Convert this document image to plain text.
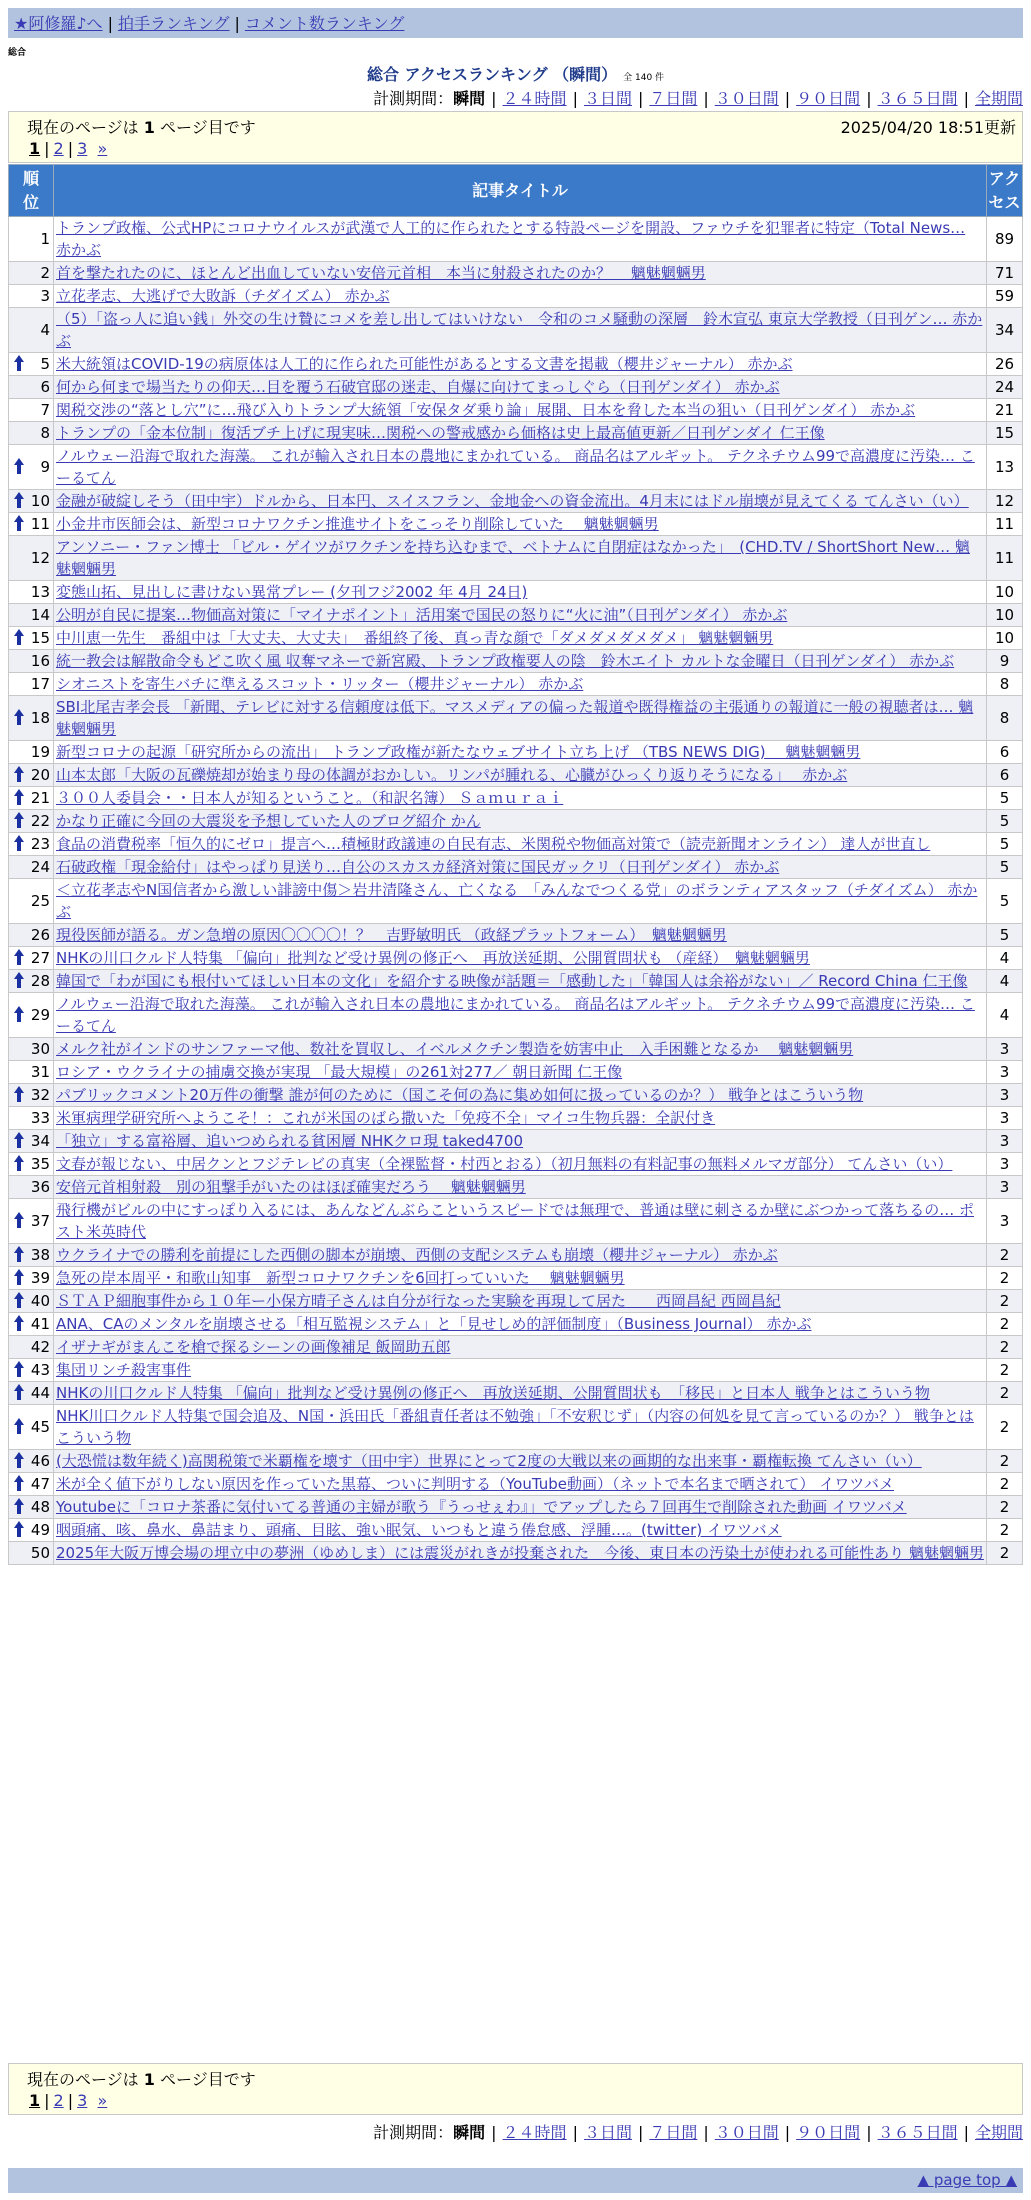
★阿修羅♪へ | 拍手ランキング | コメント数ランキング
総合
総合 アクセスランキング （瞬間） 全 140 件
計測期間：瞬間 | ２４時間 | ３日間 | ７日間 | ３０日間 | ９０日間 | ３６５日間 | 全期間
現在のページは 1 ページ目です	2025/04/20 18:51更新
1 | 2 | 3 »
順位	記事タイトル	アクセス
1	トランプ政権、公式HPにコロナウイルスが武漢で人工的に作られたとする特設ページを開設、ファウチを犯罪者に特定（Total News… 赤かぶ	89
2	首を撃たれたのに、ほとんど出血していない安倍元首相　本当に射殺されたのか？　 魑魅魍魎男	71
3	立花孝志、大逃げで大敗訴（チダイズム） 赤かぶ	59
4	（5）「盗っ人に追い銭」外交の生け贄にコメを差し出してはいけない　令和のコメ騒動の深層　鈴木宣弘 東京大学教授（日刊ゲン… 赤かぶ	34

5	米大統領はCOVID-19の病原体は人工的に作られた可能性があるとする文書を掲載（櫻井ジャーナル） 赤かぶ	26
6	何から何まで場当たりの仰天…目を覆う石破官邸の迷走、自爆に向けてまっしぐら（日刊ゲンダイ） 赤かぶ	24
7	関税交渉の“落とし穴”に…飛び入りトランプ大統領「安保タダ乗り論」展開、日本を脅した本当の狙い（日刊ゲンダイ） 赤かぶ	21
8	トランプの「金本位制」復活ブチ上げに現実味…関税への警戒感から価格は史上最高値更新／日刊ゲンダイ 仁王像	15

9	ノルウェー沿海で取れた海藻。 これが輸入され日本の農地にまかれている。 商品名はアルギット。 テクネチウム99で高濃度に汚染… こーるてん	13

10	金融が破綻しそう（田中宇）ドルから、日本円、スイスフラン、金地金への資金流出。4月末にはドル崩壊が見えてくる てんさい（い）	12

11	小金井市医師会は、新型コロナワクチン推進サイトをこっそり削除していた　 魑魅魍魎男	11
12	アンソニー・ファン博士 「ビル・ゲイツがワクチンを持ち込むまで、ベトナムに自閉症はなかった」　(CHD.TV / ShortShort New… 魑魅魍魎男	11
13	変態山拓、見出しに書けない異常プレー (夕刊フジ2002 年 4月 24日)	10
14	公明が自民に提案…物価高対策に「マイナポイント」活用案で国民の怒りに“火に油”（日刊ゲンダイ） 赤かぶ	10

15	中川恵一先生　番組中は「大丈夫、大丈夫」　番組終了後、真っ青な顔で「ダメダメダメダメ」 魑魅魍魎男	10
16	統一教会は解散命令もどこ吹く風 収奪マネーで新宮殿、トランプ政権要人の陰　鈴木エイト カルトな金曜日（日刊ゲンダイ） 赤かぶ	9
17	シオニストを寄生バチに準えるスコット・リッター（櫻井ジャーナル） 赤かぶ	8

18	SBI北尾吉孝会長 「新聞、テレビに対する信頼度は低下。マスメディアの偏った報道や既得権益の主張通りの報道に一般の視聴者は… 魑魅魍魎男	8
19	新型コロナの起源「研究所からの流出」 トランプ政権が新たなウェブサイト立ち上げ （TBS NEWS DIG)　 魑魅魍魎男	6

20	山本太郎「大阪の瓦礫焼却が始まり母の体調がおかしい。リンパが腫れる、心臓がひっくり返りそうになる」　 赤かぶ	6

21	３００人委員会・・日本人が知るということ。（和訳名簿） Ｓａｍｕｒａｉ	5

22	かなり正確に今回の大震災を予想していた人のブログ紹介 かん	5

23	食品の消費税率「恒久的にゼロ」提言へ…積極財政議連の自民有志、米関税や物価高対策で（読売新聞オンライン） 達人が世直し	5
24	石破政権「現金給付」はやっぱり見送り…自公のスカスカ経済対策に国民ガックリ（日刊ゲンダイ） 赤かぶ	5
25	＜立花孝志やN国信者から激しい誹謗中傷＞岩井清隆さん、亡くなる　「みんなでつくる党」のボランティアスタッフ（チダイズム） 赤かぶ	5
26	現役医師が語る。ガン急増の原因〇〇〇〇！？　吉野敏明氏 （政経プラットフォーム）　魑魅魍魎男	5

27	NHKの川口クルド人特集 「偏向」批判など受け異例の修正へ　再放送延期、公開質問状も （産経）　魑魅魍魎男	4

28	韓国で「わが国にも根付いてほしい日本の文化」を紹介する映像が話題＝「感動した」「韓国人は余裕がない」／ Record China 仁王像	4

29	ノルウェー沿海で取れた海藻。 これが輸入され日本の農地にまかれている。 商品名はアルギット。 テクネチウム99で高濃度に汚染… こーるてん	4
30	メルク社がインドのサンファーマ他、数社を買収し、イベルメクチン製造を妨害中止　入手困難となるか　 魑魅魍魎男	3
31	ロシア・ウクライナの捕虜交換が実現 「最大規模」の261対277／ 朝日新聞 仁王像	3

32	パブリックコメント20万件の衝撃 誰が何のために（国こそ何の為に集め如何に扱っているのか？） 戦争とはこういう物	3
33	米軍病理学研究所へようこそ！：これが米国のばら撒いた「免疫不全」マイコ生物兵器：全訳付き	3

34	「独立」する富裕層、追いつめられる貧困層 NHKクロ現 taked4700	3

35	文春が報じない、中居クンとフジテレビの真実（全裸監督・村西とおる）（初月無料の有料記事の無料メルマガ部分） てんさい（い）	3
36	安倍元首相射殺　別の狙撃手がいたのはほぼ確実だろう　 魑魅魍魎男	3

37	飛行機がビルの中にすっぽり入るには、あんなどんぶらこというスピードでは無理で、普通は壁に刺さるか壁にぶつかって落ちるの… ポスト米英時代	3

38	ウクライナでの勝利を前提にした西側の脚本が崩壊、西側の支配システムも崩壊（櫻井ジャーナル） 赤かぶ	2

39	急死の岸本周平・和歌山知事　新型コロナワクチンを6回打っていいた　 魑魅魍魎男	2

40	ＳＴＡＰ細胞事件から１０年ー小保方晴子さんは自分が行なった実験を再現して居た　　西岡昌紀 西岡昌紀	2

41	ANA、CAのメンタルを崩壊させる「相互監視システム」と「見せしめ的評価制度」（Business Journal） 赤かぶ	2
42	イザナギがまんこを槍で探るシーンの画像補足 飯岡助五郎	2

43	集団リンチ殺害事件	2

44	NHKの川口クルド人特集 「偏向」批判など受け異例の修正へ　再放送延期、公開質問状も　「移民」と日本人 戦争とはこういう物	2

45	NHK川口クルド人特集で国会追及、N国・浜田氏「番組責任者は不勉強」「不安釈じず」（内容の何処を見て言っているのか？） 戦争とはこういう物	2

46	(大恐慌は数年続く)高関税策で米覇権を壊す（田中宇）世界にとって2度の大戦以来の画期的な出来事・覇権転換 てんさい（い）	2

47	米が全く値下がりしない原因を作っていた黒幕、ついに判明する（YouTube動画）（ネットで本名まで晒されて） イワツバメ	2

48	Youtubeに「コロナ茶番に気付いてる普通の主婦が歌う『うっせぇわ』」でアップしたら７回再生で削除された動画 イワツバメ	2

49	咽頭痛、咳、鼻水、鼻詰まり、頭痛、目眩、強い眠気、いつもと違う倦怠感、浮腫…。(twitter) イワツバメ	2
50	2025年大阪万博会場の埋立中の夢洲（ゆめしま）には震災がれきが投棄された　今後、東日本の汚染土が使われる可能性あり 魑魅魍魎男	2
現在のページは 1 ページ目です
1 | 2 | 3 »
計測期間：瞬間 | ２４時間 | ３日間 | ７日間 | ３０日間 | ９０日間 | ３６５日間 | 全期間
▲ page top ▲
